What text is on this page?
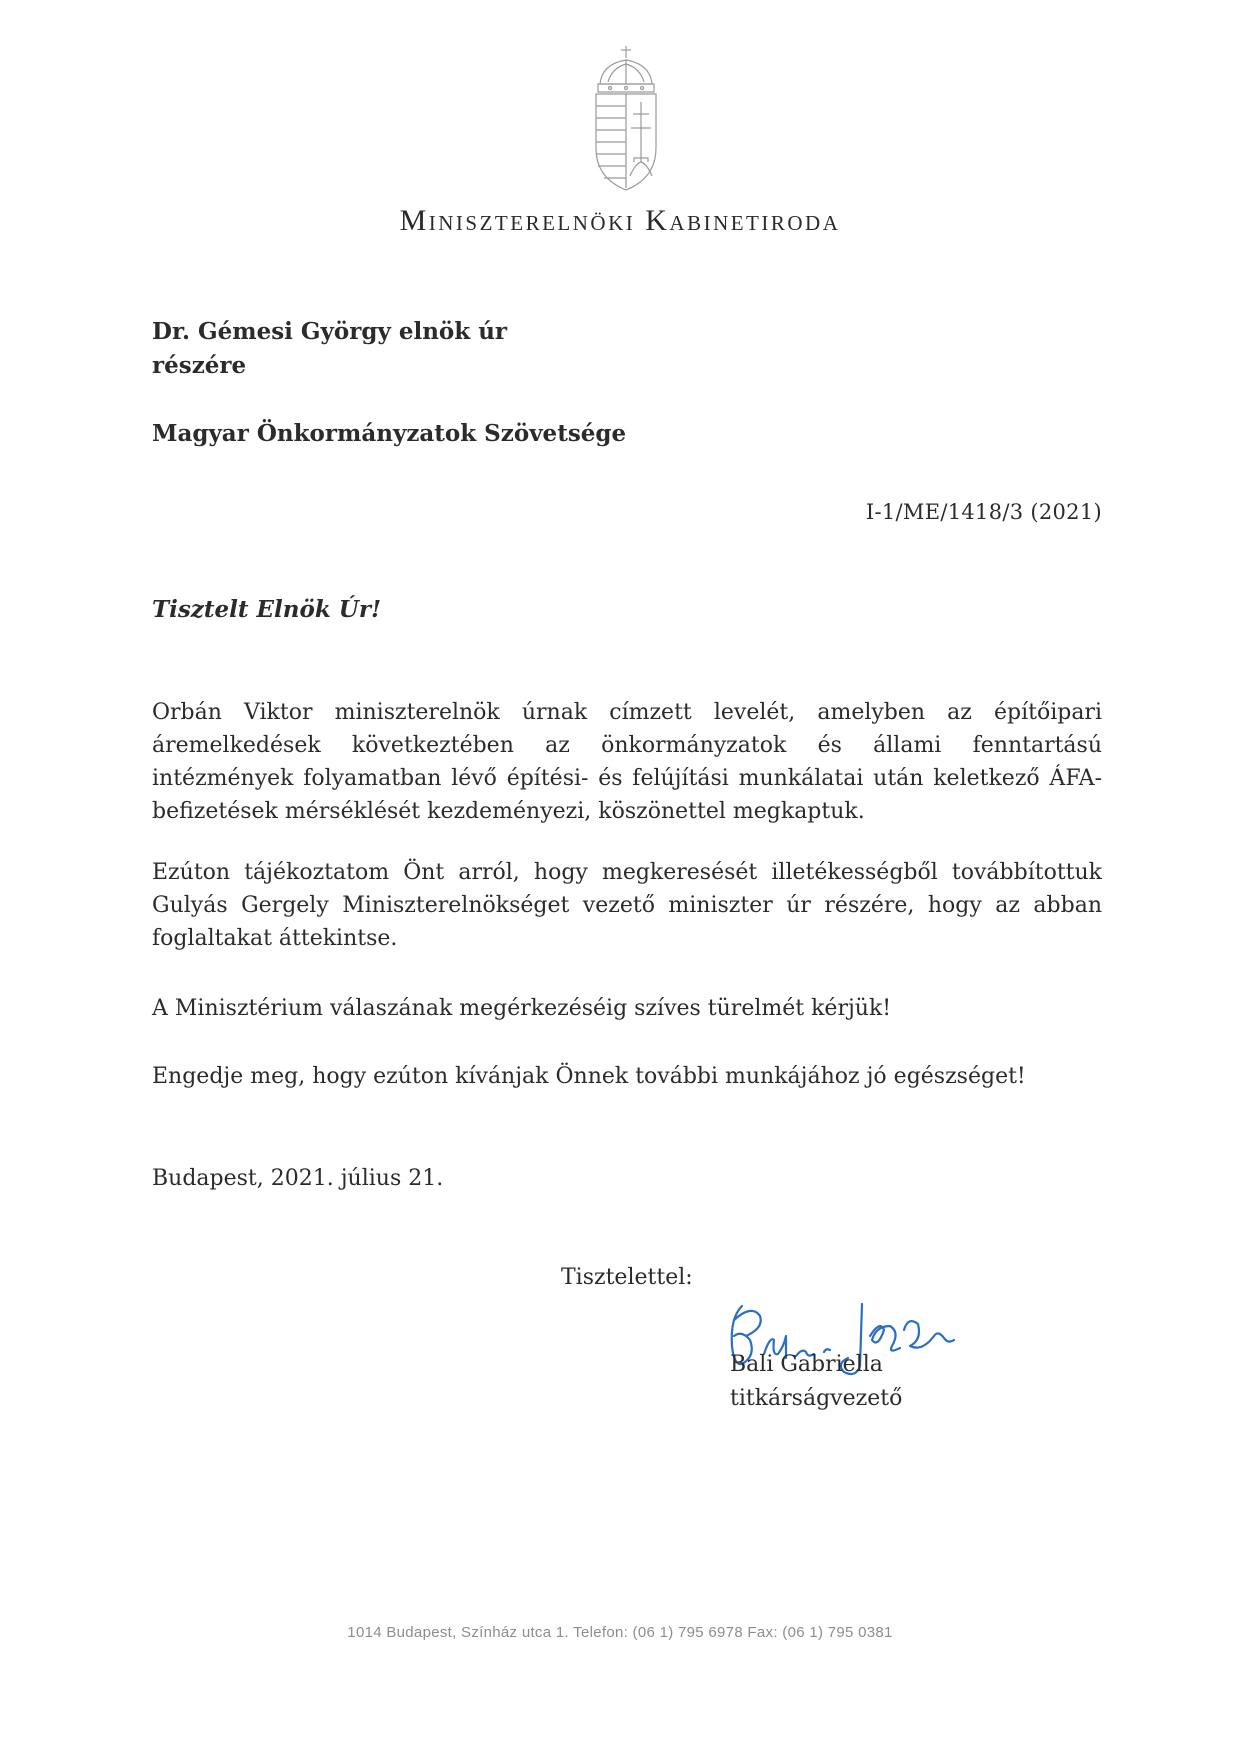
Miniszterelnöki Kabinetiroda
Dr. Gémesi György elnök úr
részére
Magyar Önkormányzatok Szövetsége
I-1/ME/1418/3 (2021)
Tisztelt Elnök Úr!
Orbán Viktor miniszterelnök úrnak címzett levelét, amelyben az építőipari áremelkedések következtében az önkormányzatok és állami fenntartású intézmények folyamatban lévő építési- és felújítási munkálatai után keletkező ÁFA-befizetések mérséklését kezdeményezi, köszönettel megkaptuk.
Ezúton tájékoztatom Önt arról, hogy megkeresését illetékességből továbbítottuk Gulyás Gergely Miniszterelnökséget vezető miniszter úr részére, hogy az abban foglaltakat áttekintse.
A Minisztérium válaszának megérkezéséig szíves türelmét kérjük!
Engedje meg, hogy ezúton kívánjak Önnek további munkájához jó egészséget!
Budapest, 2021. július 21.
Tisztelettel:
Bali Gabriella
titkárságvezető
1014 Budapest, Színház utca 1. Telefon: (06 1) 795 6978 Fax: (06 1) 795 0381
